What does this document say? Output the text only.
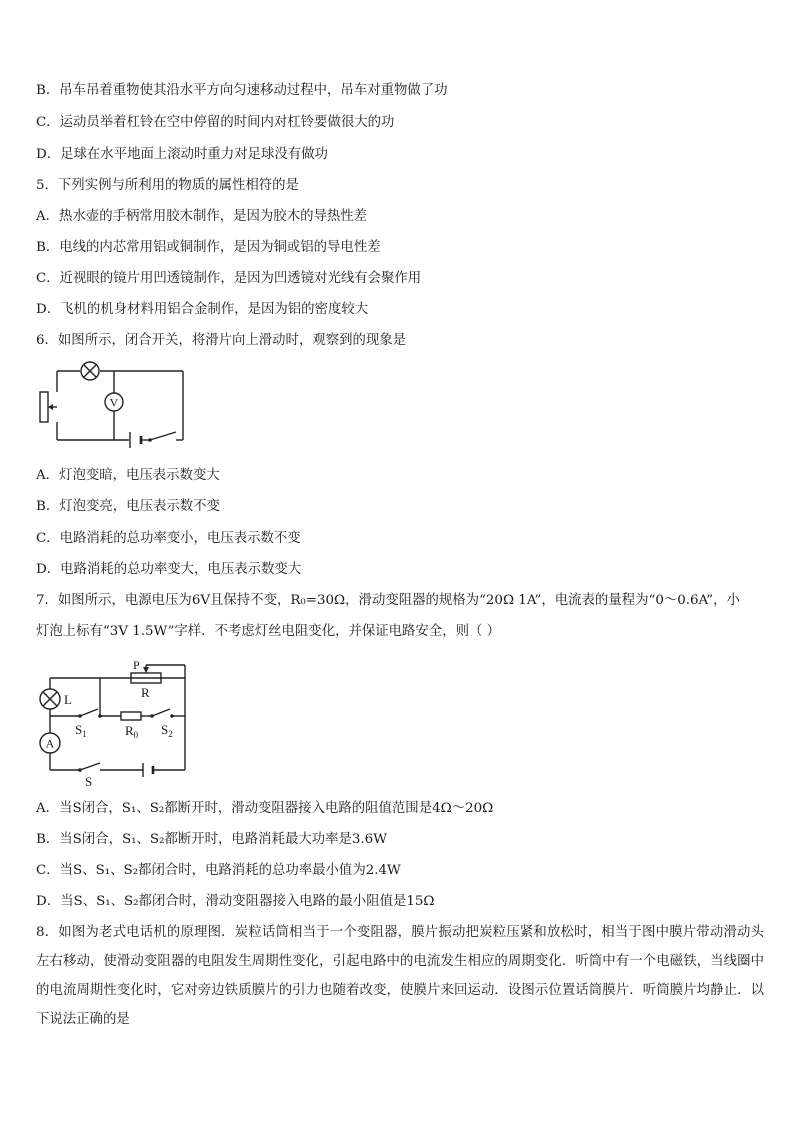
B．吊车吊着重物使其沿水平方向匀速移动过程中，吊车对重物做了功
C．运动员举着杠铃在空中停留的时间内对杠铃要做很大的功
D．足球在水平地面上滚动时重力对足球没有做功
5．下列实例与所利用的物质的属性相符的是
A．热水壶的手柄常用胶木制作，是因为胶木的导热性差
B．电线的内芯常用铝或铜制作，是因为铜或铝的导电性差
C．近视眼的镜片用凹透镜制作，是因为凹透镜对光线有会聚作用
D．飞机的机身材料用铝合金制作，是因为铝的密度较大
6．如图所示，闭合开关，将滑片向上滑动时，观察到的现象是
V
A．灯泡变暗，电压表示数变大
B．灯泡变亮，电压表示数不变
C．电路消耗的总功率变小，电压表示数不变
D．电路消耗的总功率变大，电压表示数变大
7．如图所示，电源电压为6V且保持不变，R₀=30Ω，滑动变阻器的规格为“20Ω 1A”，电流表的量程为“0～0.6A”，小
灯泡上标有“3V 1.5W”字样．不考虑灯丝电阻变化，并保证电路安全，则（ ）
L
P
R
$S_1$	$R_0$ $S_2$
A
S
A．当S闭合，S₁、S₂都断开时，滑动变阻器接入电路的阻值范围是4Ω～20Ω
B．当S闭合，S₁、S₂都断开时，电路消耗最大功率是3.6W
C．当S、S₁、S₂都闭合时，电路消耗的总功率最小值为2.4W
D．当S、S₁、S₂都闭合时，滑动变阻器接入电路的最小阻值是15Ω
8．如图为老式电话机的原理图．炭粒话筒相当于一个变阻器，膜片振动把炭粒压紧和放松时，相当于图中膜片带动滑动头左右移动，使滑动变阻器的电阻发生周期性变化，引起电路中的电流发生相应的周期变化．听筒中有一个电磁铁，当线圈中的电流周期性变化时，它对旁边铁质膜片的引力也随着改变，使膜片来回运动．设图示位置话筒膜片．听筒膜片均静止．以下说法正确的是
